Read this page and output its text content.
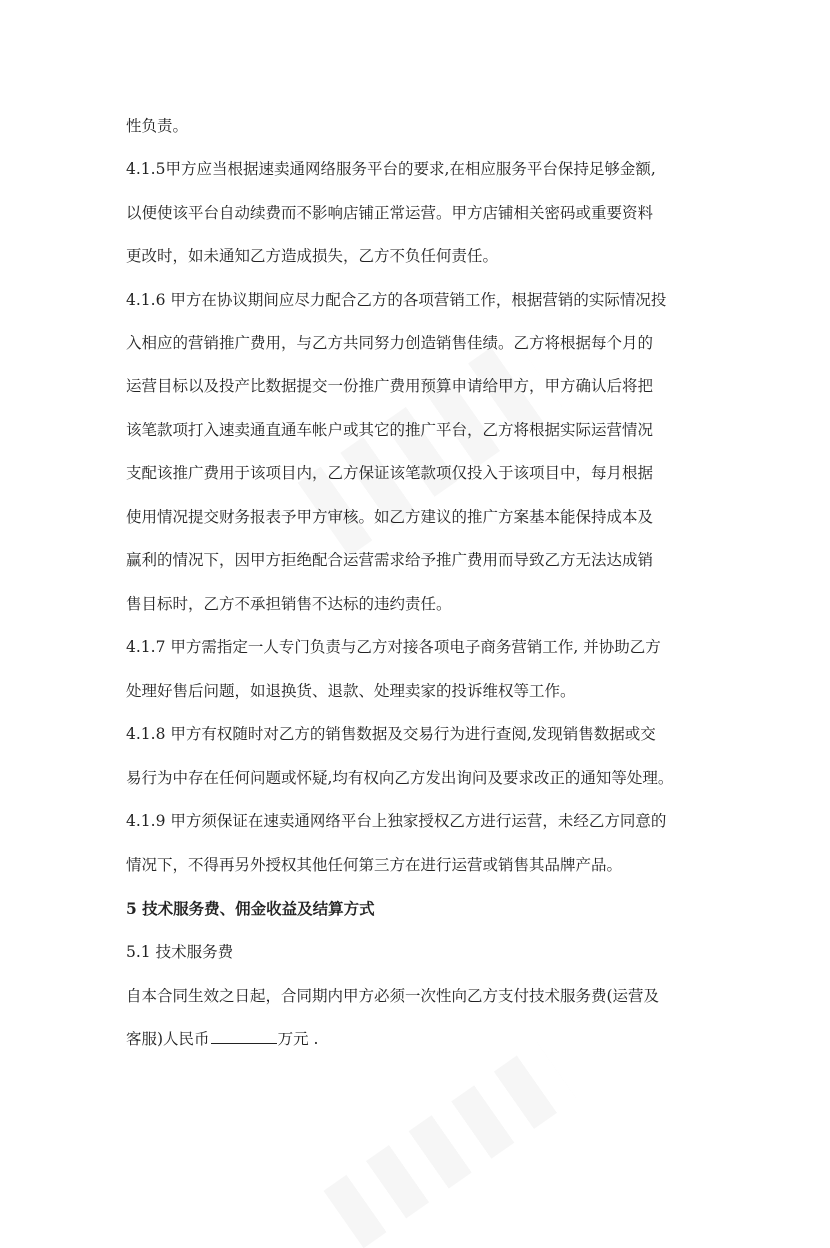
性负责。
4.1.5甲方应当根据速卖通网络服务平台的要求,在相应服务平台保持足够金额,
以便使该平台自动续费而不影响店铺正常运营。甲方店铺相关密码或重要资料
更改时，如未通知乙方造成损失，乙方不负任何责任。
4.1.6 甲方在协议期间应尽力配合乙方的各项营销工作，根据营销的实际情况投
入相应的营销推广费用，与乙方共同努力创造销售佳绩。乙方将根据每个月的
运营目标以及投产比数据提交一份推广费用预算申请给甲方，甲方确认后将把
该笔款项打入速卖通直通车帐户或其它的推广平台，乙方将根据实际运营情况
支配该推广费用于该项目内，乙方保证该笔款项仅投入于该项目中，每月根据
使用情况提交财务报表予甲方审核。如乙方建议的推广方案基本能保持成本及
赢利的情况下，因甲方拒绝配合运营需求给予推广费用而导致乙方无法达成销
售目标时，乙方不承担销售不达标的违约责任。
4.1.7 甲方需指定一人专门负责与乙方对接各项电子商务营销工作, 并协助乙方
处理好售后问题，如退换货、退款、处理卖家的投诉维权等工作。
4.1.8 甲方有权随时对乙方的销售数据及交易行为进行查阅,发现销售数据或交
易行为中存在任何问题或怀疑,均有权向乙方发出询问及要求改正的通知等处理。
4.1.9 甲方须保证在速卖通网络平台上独家授权乙方进行运营，未经乙方同意的
情况下，不得再另外授权其他任何第三方在进行运营或销售其品牌产品。
5 技术服务费、佣金收益及结算方式
5.1 技术服务费
自本合同生效之日起，合同期内甲方必须一次性向乙方支付技术服务费(运营及
客服)人民币	万元 .
